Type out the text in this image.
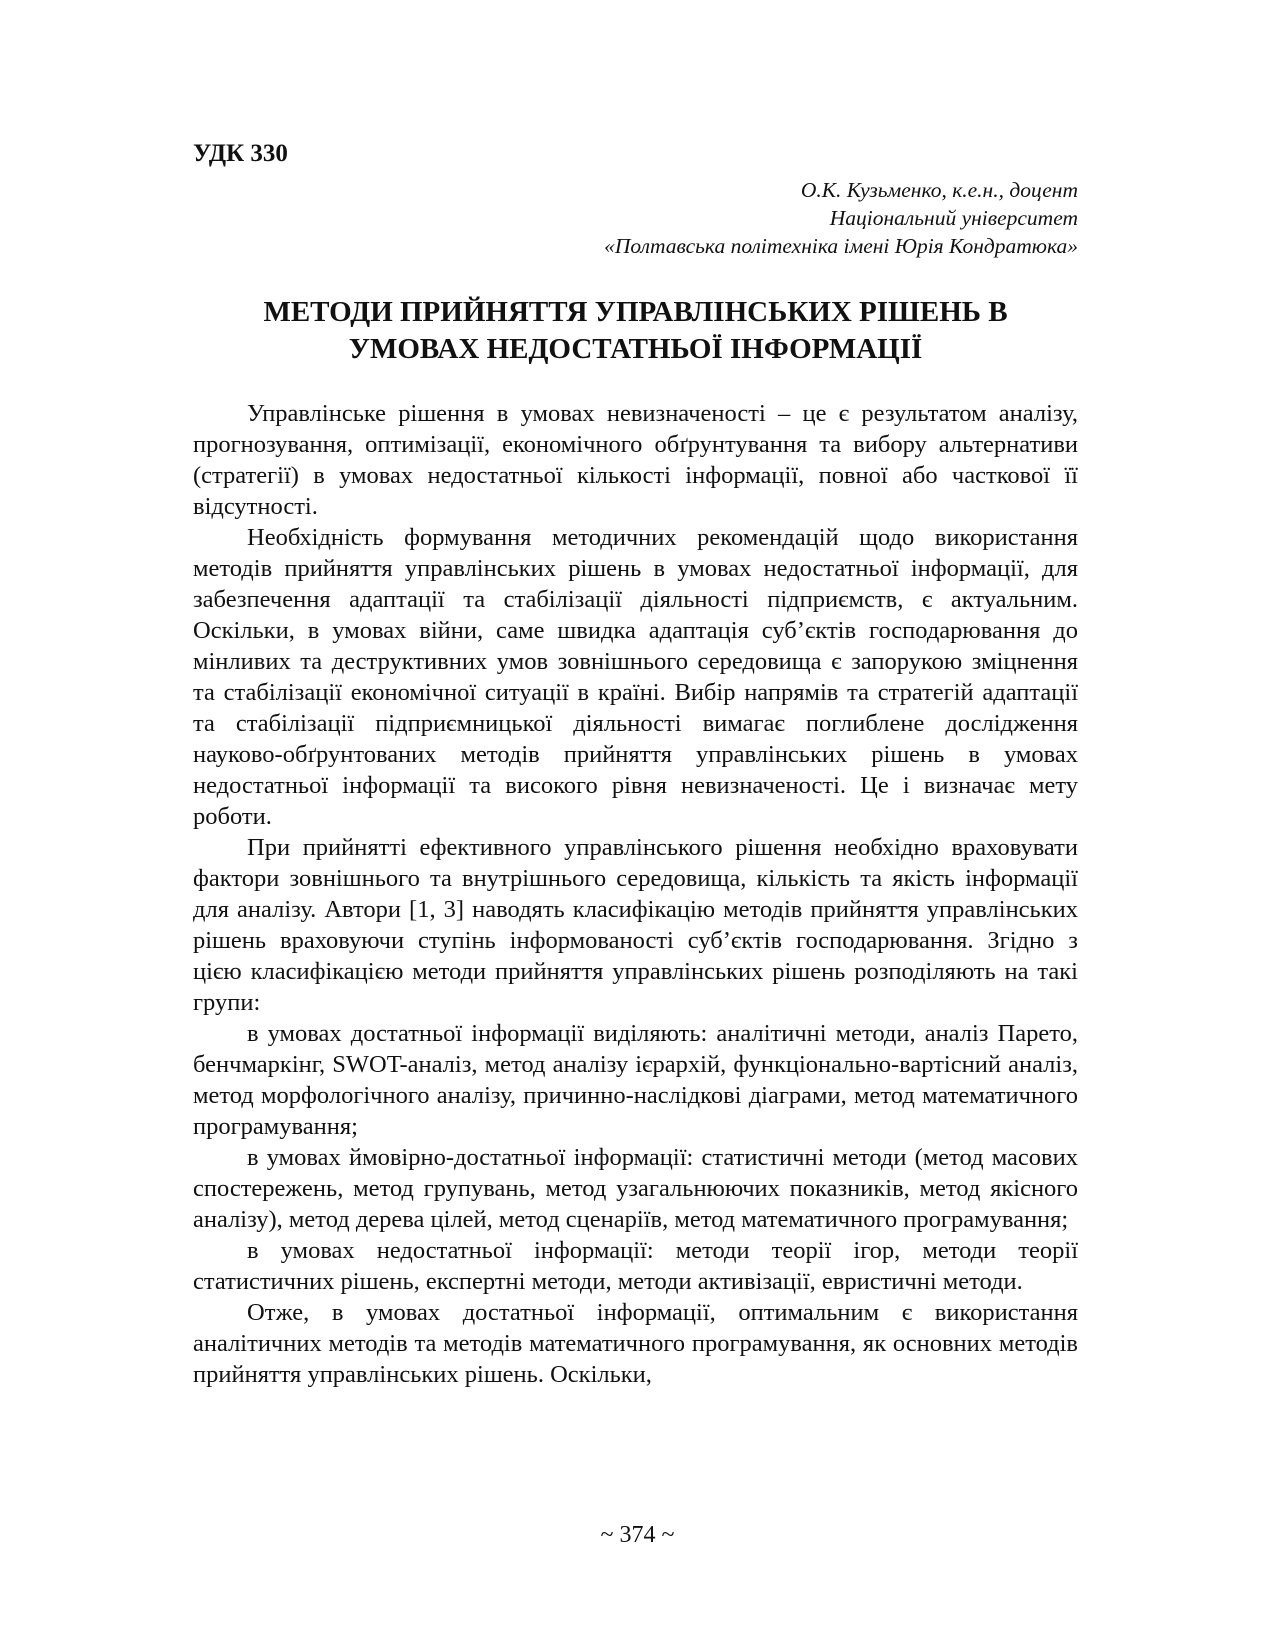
УДК 330

О.К. Кузьменко, к.е.н., доцент
Національний університет
«Полтавська політехніка імені Юрія Кондратюка»
МЕТОДИ ПРИЙНЯТТЯ УПРАВЛІНСЬКИХ РІШЕНЬ В
УМОВАХ НЕДОСТАТНЬОЇ ІНФОРМАЦІЇ

Управлінське рішення в умовах невизначеності – це є результатом аналізу, прогнозування, оптимізації, економічного обґрунтування та вибору альтернативи (стратегії) в умовах недостатньої кількості інформації, повної або часткової її відсутності.

Необхідність формування методичних рекомендацій щодо використання методів прийняття управлінських рішень в умовах недостатньої інформації, для забезпечення адаптації та стабілізації діяльності підприємств, є актуальним. Оскільки, в умовах війни, саме швидка адаптація суб’єктів господарювання до мінливих та деструктивних умов зовнішнього середовища є запорукою зміцнення та стабілізації економічної ситуації в країні. Вибір напрямів та стратегій адаптації та стабілізації підприємницької діяльності вимагає поглиблене дослідження науково-обґрунтованих методів прийняття управлінських рішень в умовах недостатньої інформації та високого рівня невизначеності. Це і визначає мету роботи.

При прийнятті ефективного управлінського рішення необхідно враховувати фактори зовнішнього та внутрішнього середовища, кількість та якість інформації для аналізу. Автори [1, 3] наводять класифікацію методів прийняття управлінських рішень враховуючи ступінь інформованості суб’єктів господарювання. Згідно з цією класифікацією методи прийняття управлінських рішень розподіляють на такі групи:

в умовах достатньої інформації виділяють: аналітичні методи, аналіз Парето, бенчмаркінг, SWOT-аналіз, метод аналізу ієрархій, функціонально-вартісний аналіз, метод морфологічного аналізу, причинно-наслідкові діаграми, метод математичного програмування;

в умовах ймовірно-достатньої інформації: статистичні методи (метод масових спостережень, метод групувань, метод узагальнюючих показників, метод якісного аналізу), метод дерева цілей, метод сценаріїв, метод математичного програмування;

в умовах недостатньої інформації: методи теорії ігор, методи теорії статистичних рішень, експертні методи, методи активізації, евристичні методи.

Отже, в умовах достатньої інформації, оптимальним є використання аналітичних методів та методів математичного програмування, як основних методів прийняття управлінських рішень. Оскільки,

~ 374 ~
